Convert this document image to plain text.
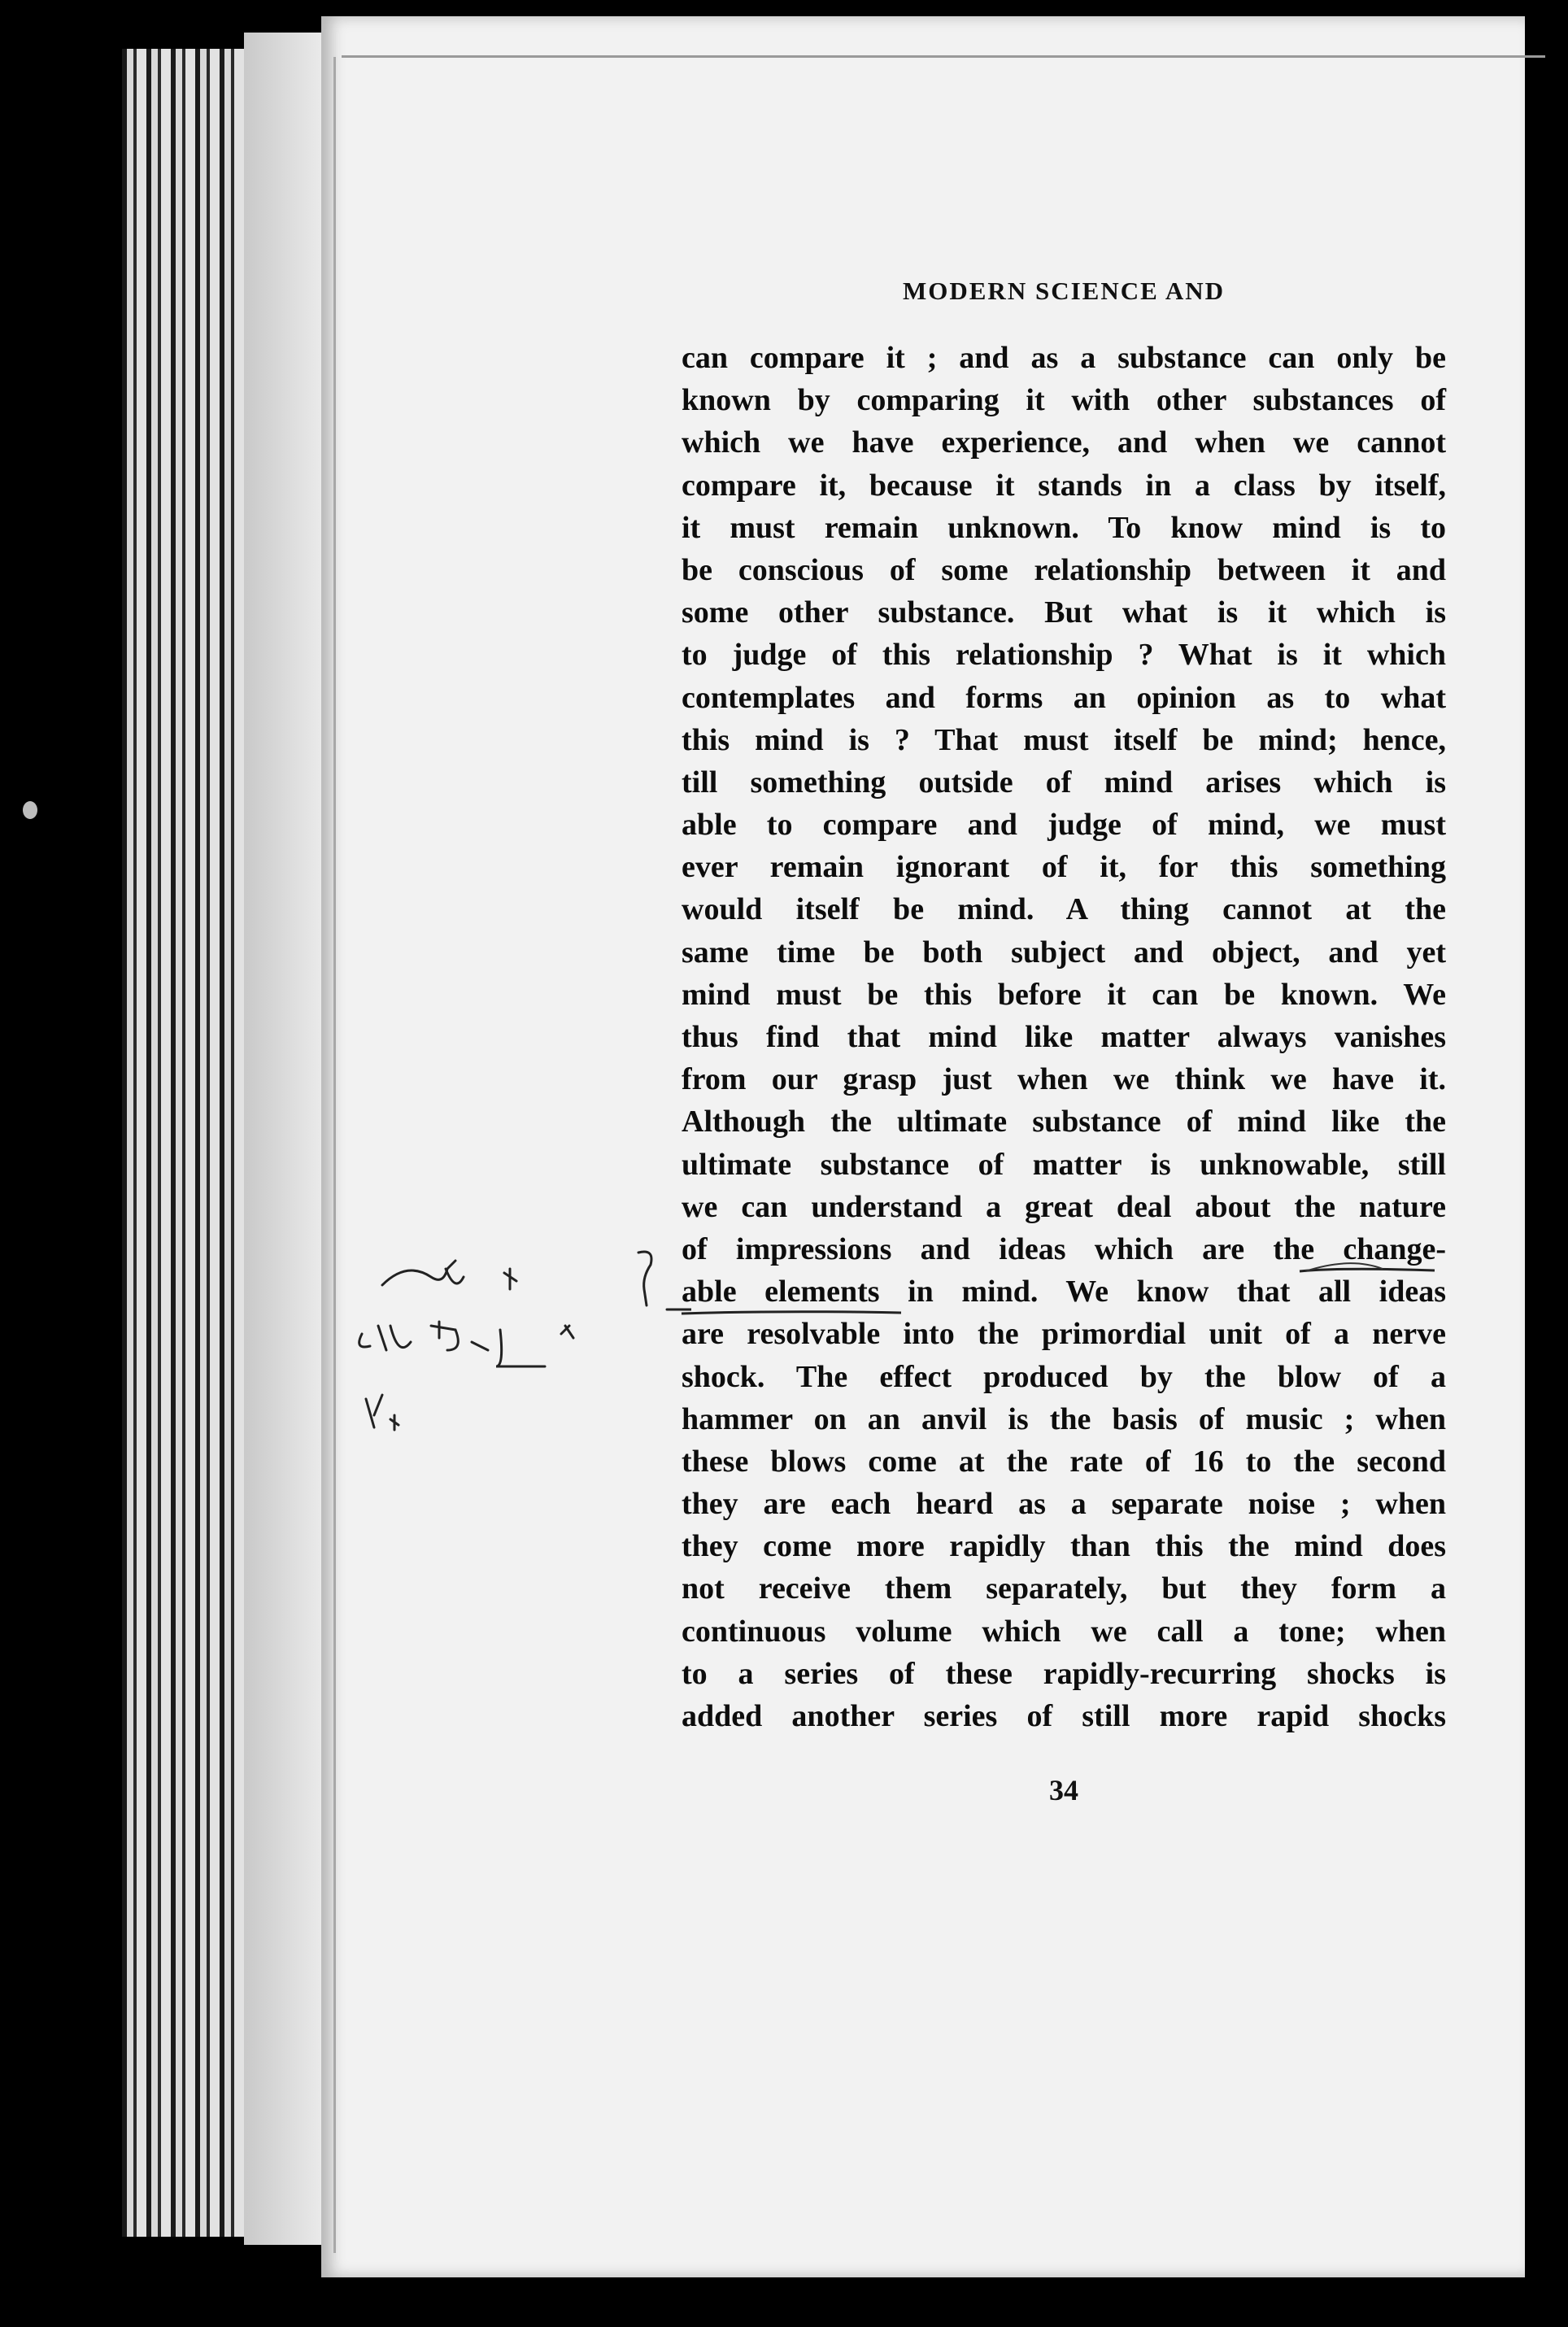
MODERN SCIENCE AND
can compare it ; and as a substance can only be
known by comparing it with other substances of
which we have experience, and when we cannot
compare it, because it stands in a class by itself,
it must remain unknown. To know mind is to
be conscious of some relationship between it and
some other substance. But what is it which is
to judge of this relationship ? What is it which
contemplates and forms an opinion as to what
this mind is ? That must itself be mind; hence,
till something outside of mind arises which is
able to compare and judge of mind, we must
ever remain ignorant of it, for this something
would itself be mind. A thing cannot at the
same time be both subject and object, and yet
mind must be this before it can be known. We
thus find that mind like matter always vanishes
from our grasp just when we think we have it.
Although the ultimate substance of mind like the
ultimate substance of matter is unknowable, still
we can understand a great deal about the nature
of impressions and ideas which are the change-
able elements in mind. We know that all ideas
are resolvable into the primordial unit of a nerve
shock. The effect produced by the blow of a
hammer on an anvil is the basis of music ; when
these blows come at the rate of 16 to the second
they are each heard as a separate noise ; when
they come more rapidly than this the mind does
not receive them separately, but they form a
continuous volume which we call a tone; when
to a series of these rapidly-recurring shocks is
added another series of still more rapid shocks
34
